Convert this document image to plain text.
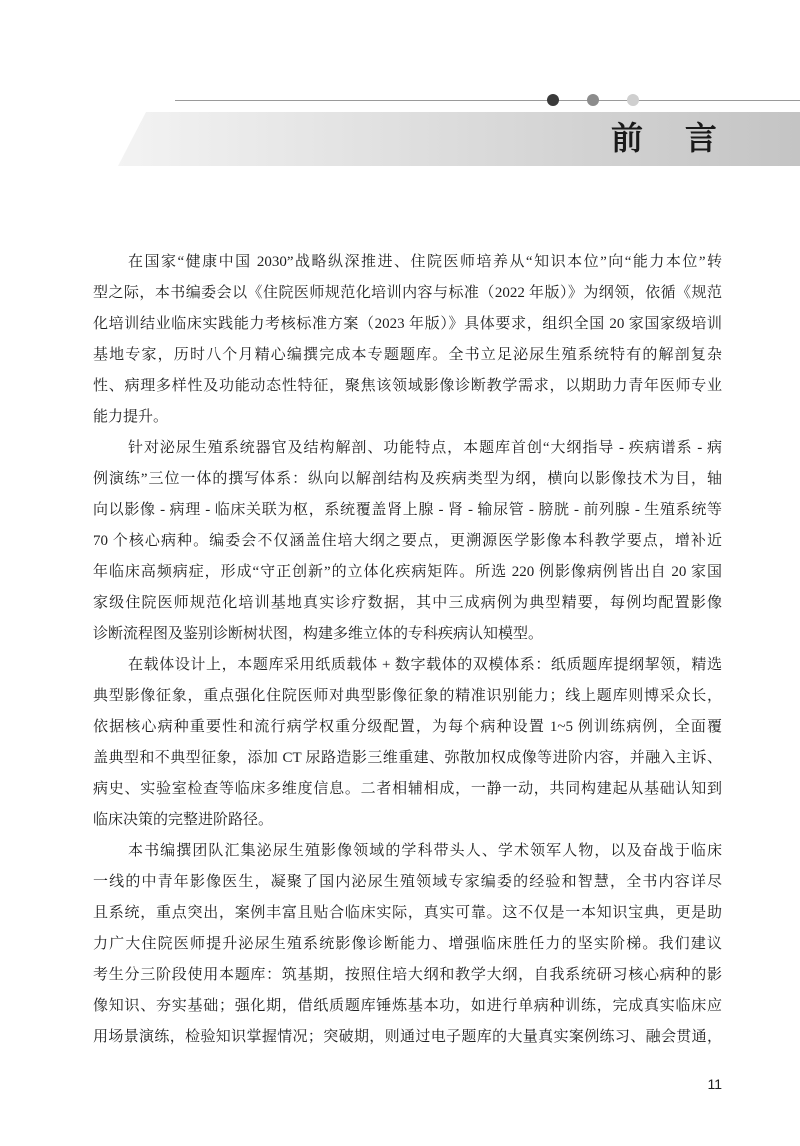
前 言
在国家“健康中国 2030”战略纵深推进、住院医师培养从“知识本位”向“能力本位”转
型之际，本书编委会以《住院医师规范化培训内容与标准（2022 年版）》为纲领，依循《规范
化培训结业临床实践能力考核标准方案（2023 年版）》具体要求，组织全国 20 家国家级培训
基地专家，历时八个月精心编撰完成本专题题库。全书立足泌尿生殖系统特有的解剖复杂
性、病理多样性及功能动态性特征，聚焦该领域影像诊断教学需求，以期助力青年医师专业
能力提升。
针对泌尿生殖系统器官及结构解剖、功能特点，本题库首创“大纲指导 - 疾病谱系 - 病
例演练”三位一体的撰写体系：纵向以解剖结构及疾病类型为纲，横向以影像技术为目，轴
向以影像 - 病理 - 临床关联为枢，系统覆盖肾上腺 - 肾 - 输尿管 - 膀胱 - 前列腺 - 生殖系统等
70 个核心病种。编委会不仅涵盖住培大纲之要点，更溯源医学影像本科教学要点，增补近
年临床高频病症，形成“守正创新”的立体化疾病矩阵。所选 220 例影像病例皆出自 20 家国
家级住院医师规范化培训基地真实诊疗数据，其中三成病例为典型精要，每例均配置影像
诊断流程图及鉴别诊断树状图，构建多维立体的专科疾病认知模型。
在载体设计上，本题库采用纸质载体 + 数字载体的双模体系：纸质题库提纲挈领，精选
典型影像征象，重点强化住院医师对典型影像征象的精准识别能力；线上题库则博采众长，
依据核心病种重要性和流行病学权重分级配置，为每个病种设置 1~5 例训练病例，全面覆
盖典型和不典型征象，添加 CT 尿路造影三维重建、弥散加权成像等进阶内容，并融入主诉、
病史、实验室检查等临床多维度信息。二者相辅相成，一静一动，共同构建起从基础认知到
临床决策的完整进阶路径。
本书编撰团队汇集泌尿生殖影像领域的学科带头人、学术领军人物，以及奋战于临床
一线的中青年影像医生，凝聚了国内泌尿生殖领域专家编委的经验和智慧，全书内容详尽
且系统，重点突出，案例丰富且贴合临床实际，真实可靠。这不仅是一本知识宝典，更是助
力广大住院医师提升泌尿生殖系统影像诊断能力、增强临床胜任力的坚实阶梯。我们建议
考生分三阶段使用本题库：筑基期，按照住培大纲和教学大纲，自我系统研习核心病种的影
像知识、夯实基础；强化期，借纸质题库锤炼基本功，如进行单病种训练，完成真实临床应
用场景演练，检验知识掌握情况；突破期，则通过电子题库的大量真实案例练习、融会贯通，
11
